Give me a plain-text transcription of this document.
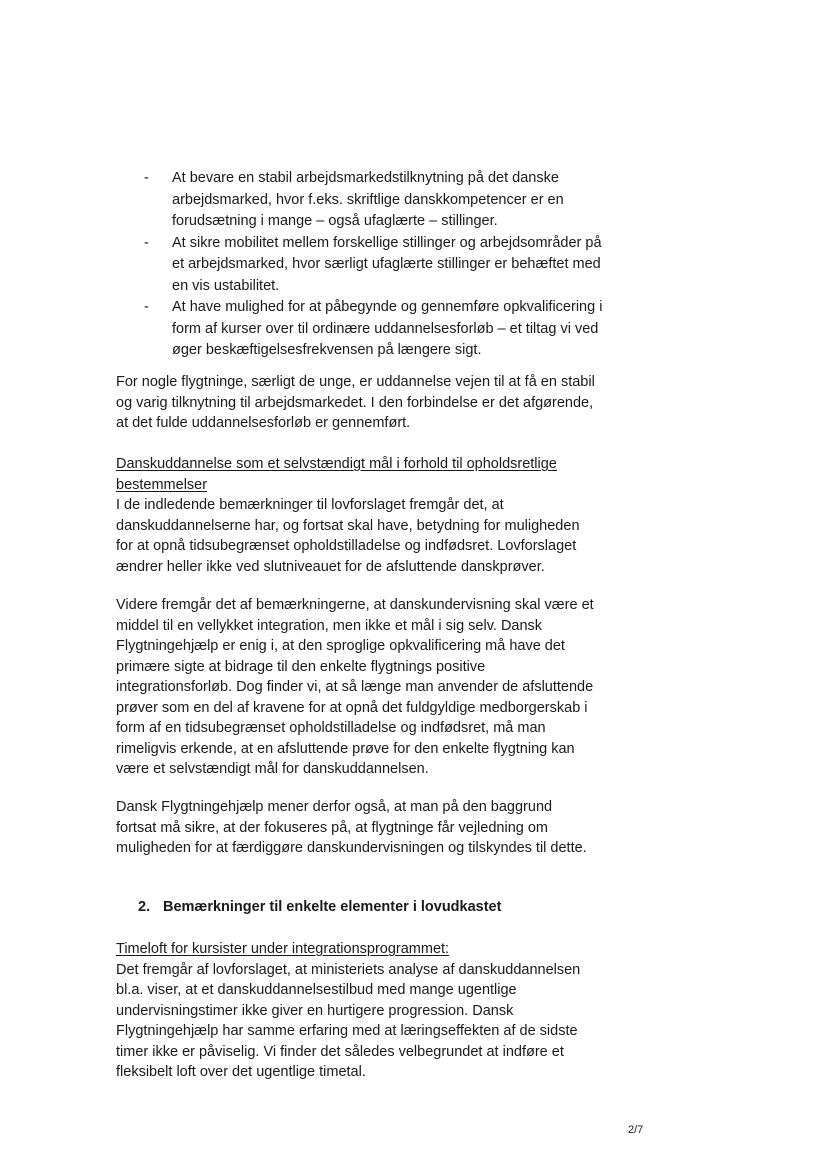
-	At bevare en stabil arbejdsmarkedstilknytning på det danske arbejdsmarked, hvor f.eks. skriftlige danskkompetencer er en forudsætning i mange – også ufaglærte – stillinger.
-	At sikre mobilitet mellem forskellige stillinger og arbejdsområder på et arbejdsmarked, hvor særligt ufaglærte stillinger er behæftet med en vis ustabilitet.
-	At have mulighed for at påbegynde og gennemføre opkvalificering i form af kurser over til ordinære uddannelsesforløb – et tiltag vi ved øger beskæftigelsesfrekvensen på længere sigt.

For nogle flygtninge, særligt de unge, er uddannelse vejen til at få en stabil og varig tilknytning til arbejdsmarkedet. I den forbindelse er det afgørende, at det fulde uddannelsesforløb er gennemført.

Danskuddannelse som et selvstændigt mål i forhold til opholdsretlige bestemmelser
I de indledende bemærkninger til lovforslaget fremgår det, at danskuddannelserne har, og fortsat skal have, betydning for muligheden for at opnå tidsubegrænset opholdstilladelse og indfødsret. Lovforslaget ændrer heller ikke ved slutniveauet for de afsluttende danskprøver.

Videre fremgår det af bemærkningerne, at danskundervisning skal være et middel til en vellykket integration, men ikke et mål i sig selv. Dansk Flygtningehjælp er enig i, at den sproglige opkvalificering må have det primære sigte at bidrage til den enkelte flygtnings positive integrationsforløb. Dog finder vi, at så længe man anvender de afsluttende prøver som en del af kravene for at opnå det fuldgyldige medborgerskab i form af en tidsubegrænset opholdstilladelse og indfødsret, må man rimeligvis erkende, at en afsluttende prøve for den enkelte flygtning kan være et selvstændigt mål for danskuddannelsen.

Dansk Flygtningehjælp mener derfor også, at man på den baggrund fortsat må sikre, at der fokuseres på, at flygtninge får vejledning om muligheden for at færdiggøre danskundervisningen og tilskyndes til dette.

2. Bemærkninger til enkelte elementer i lovudkastet
Timeloft for kursister under integrationsprogrammet:
Det fremgår af lovforslaget, at ministeriets analyse af danskuddannelsen bl.a. viser, at et danskuddannelsestilbud med mange ugentlige undervisningstimer ikke giver en hurtigere progression. Dansk Flygtningehjælp har samme erfaring med at læringseffekten af de sidste timer ikke er påviselig. Vi finder det således velbegrundet at indføre et fleksibelt loft over det ugentlige timetal.

2/7
